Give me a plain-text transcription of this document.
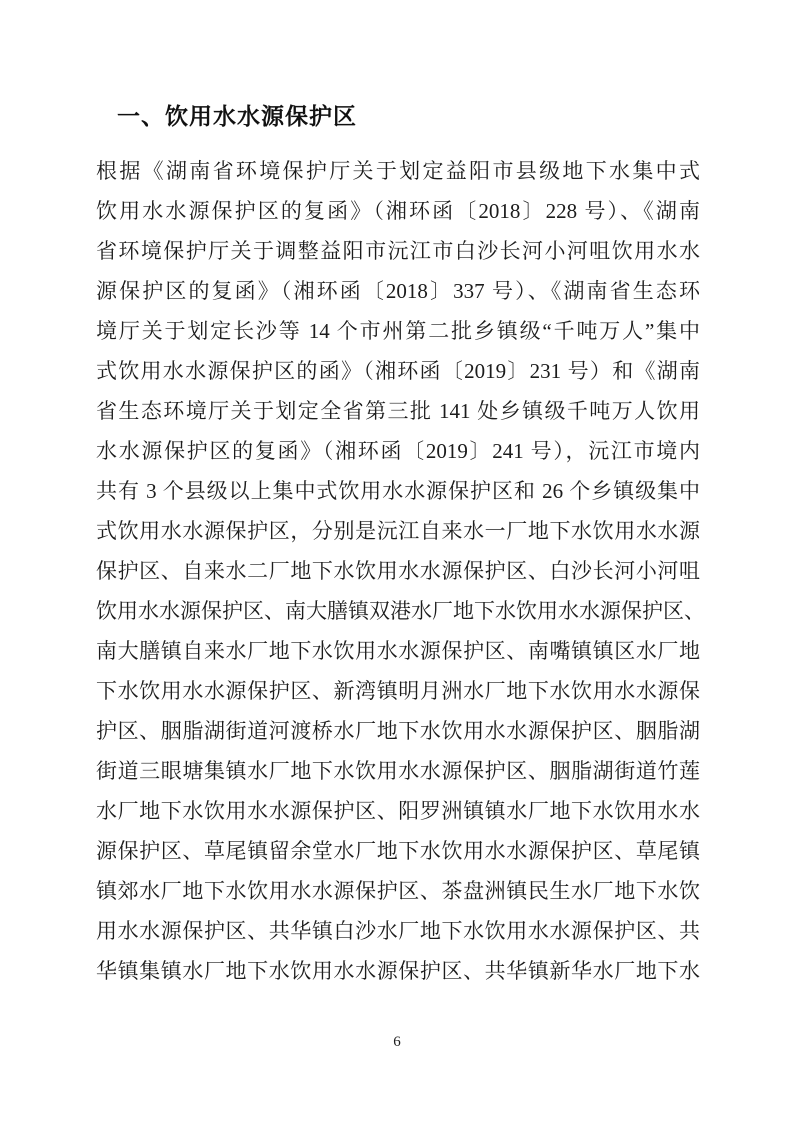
一、饮用水水源保护区
根据《湖南省环境保护厅关于划定益阳市县级地下水集中式
饮用水水源保护区的复函》（湘环函〔2018〕228 号）、《湖南
省环境保护厅关于调整益阳市沅江市白沙长河小河咀饮用水水
源保护区的复函》（湘环函〔2018〕337 号）、《湖南省生态环
境厅关于划定长沙等 14 个市州第二批乡镇级“千吨万人”集中
式饮用水水源保护区的函》（湘环函〔2019〕231 号）和《湖南
省生态环境厅关于划定全省第三批 141 处乡镇级千吨万人饮用
水水源保护区的复函》（湘环函〔2019〕241 号），沅江市境内
共有 3 个县级以上集中式饮用水水源保护区和 26 个乡镇级集中
式饮用水水源保护区，分别是沅江自来水一厂地下水饮用水水源
保护区、自来水二厂地下水饮用水水源保护区、白沙长河小河咀
饮用水水源保护区、南大膳镇双港水厂地下水饮用水水源保护区、
南大膳镇自来水厂地下水饮用水水源保护区、南嘴镇镇区水厂地
下水饮用水水源保护区、新湾镇明月洲水厂地下水饮用水水源保
护区、胭脂湖街道河渡桥水厂地下水饮用水水源保护区、胭脂湖
街道三眼塘集镇水厂地下水饮用水水源保护区、胭脂湖街道竹莲
水厂地下水饮用水水源保护区、阳罗洲镇镇水厂地下水饮用水水
源保护区、草尾镇留余堂水厂地下水饮用水水源保护区、草尾镇
镇郊水厂地下水饮用水水源保护区、茶盘洲镇民生水厂地下水饮
用水水源保护区、共华镇白沙水厂地下水饮用水水源保护区、共
华镇集镇水厂地下水饮用水水源保护区、共华镇新华水厂地下水
6
